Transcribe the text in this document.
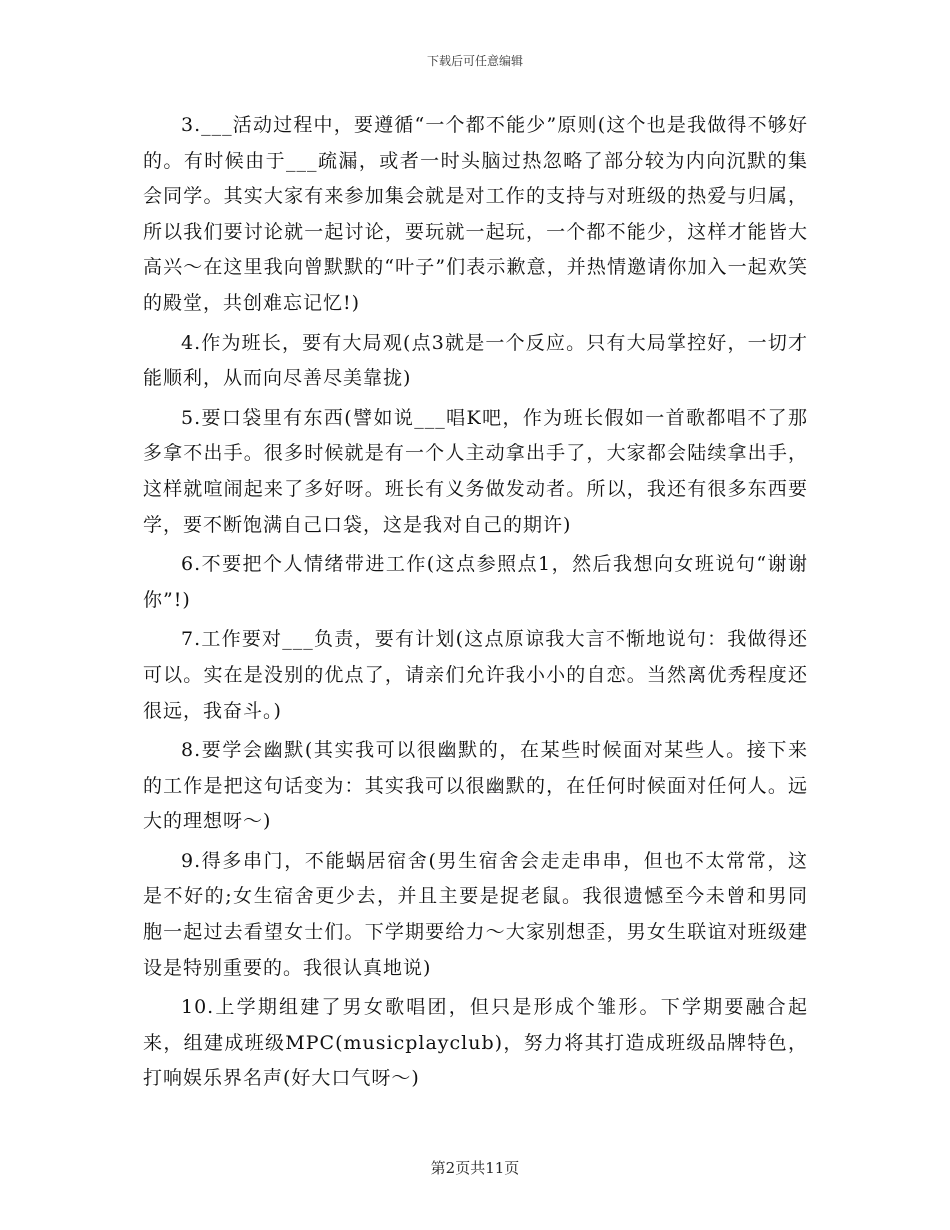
下载后可任意编辑

3.___活动过程中，要遵循“一个都不能少”原则(这个也是我做得不够好的。有时候由于___疏漏，或者一时头脑过热忽略了部分较为内向沉默的集会同学。其实大家有来参加集会就是对工作的支持与对班级的热爱与归属，所以我们要讨论就一起讨论，要玩就一起玩，一个都不能少，这样才能皆大高兴～在这里我向曾默默的“叶子”们表示歉意，并热情邀请你加入一起欢笑的殿堂，共创难忘记忆!)

4.作为班长，要有大局观(点3就是一个反应。只有大局掌控好，一切才能顺利，从而向尽善尽美靠拢)

5.要口袋里有东西(譬如说___唱K吧，作为班长假如一首歌都唱不了那多拿不出手。很多时候就是有一个人主动拿出手了，大家都会陆续拿出手，这样就喧闹起来了多好呀。班长有义务做发动者。所以，我还有很多东西要学，要不断饱满自己口袋，这是我对自己的期许)

6.不要把个人情绪带进工作(这点参照点1，然后我想向女班说句“谢谢你”!)

7.工作要对___负责，要有计划(这点原谅我大言不惭地说句：我做得还可以。实在是没别的优点了，请亲们允许我小小的自恋。当然离优秀程度还很远，我奋斗。)

8.要学会幽默(其实我可以很幽默的，在某些时候面对某些人。接下来的工作是把这句话变为：其实我可以很幽默的，在任何时候面对任何人。远大的理想呀～)

9.得多串门，不能蜗居宿舍(男生宿舍会走走串串，但也不太常常，这是不好的;女生宿舍更少去，并且主要是捉老鼠。我很遗憾至今未曾和男同胞一起过去看望女士们。下学期要给力～大家别想歪，男女生联谊对班级建设是特别重要的。我很认真地说)

10.上学期组建了男女歌唱团，但只是形成个雏形。下学期要融合起来，组建成班级MPC(musicplayclub)，努力将其打造成班级品牌特色，打响娱乐界名声(好大口气呀～)

第2页共11页
